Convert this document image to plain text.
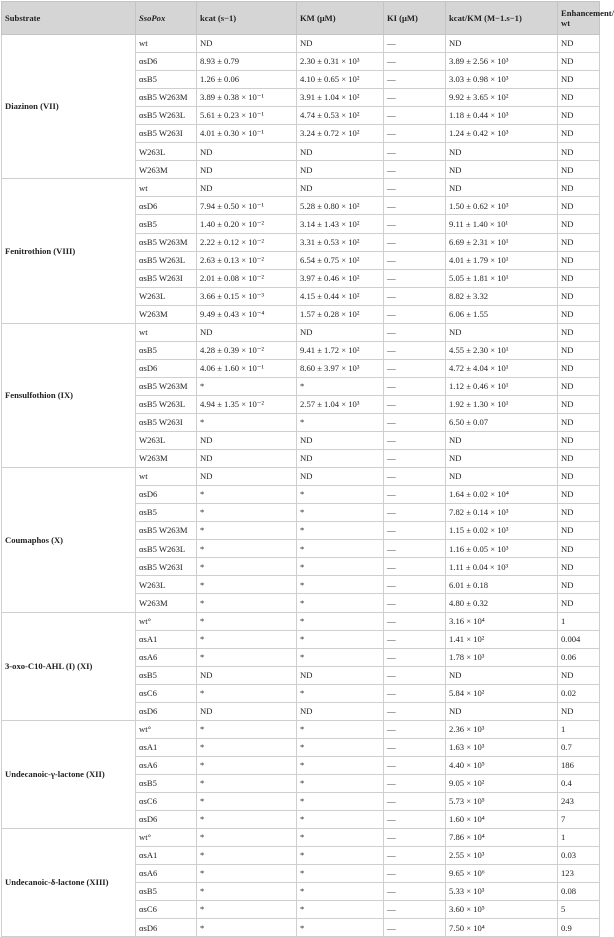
Substrate	SsoPox	kcat (s−1)	KM (μM)	KI (μM)	kcat/KM (M−1.s−1)	Enhancement/ wt
Diazinon (VII)	wt	ND	ND	—	ND	ND
	αsD6	8.93 ± 0.79	2.30 ± 0.31 × 10³	—	3.89 ± 2.56 × 10³	ND
	αsB5	1.26 ± 0.06	4.10 ± 0.65 × 10²	—	3.03 ± 0.98 × 10³	ND
	αsB5 W263M	3.89 ± 0.38 × 10⁻¹	3.91 ± 1.04 × 10²	—	9.92 ± 3.65 × 10²	ND
	αsB5 W263L	5.61 ± 0.23 × 10⁻¹	4.74 ± 0.53 × 10²	—	1.18 ± 0.44 × 10³	ND
	αsB5 W263I	4.01 ± 0.30 × 10⁻¹	3.24 ± 0.72 × 10²	—	1.24 ± 0.42 × 10³	ND
	W263L	ND	ND	—	ND	ND
	W263M	ND	ND	—	ND	ND
Fenitrothion (VIII)	wt	ND	ND	—	ND	ND
	αsD6	7.94 ± 0.50 × 10⁻¹	5.28 ± 0.80 × 10²	—	1.50 ± 0.62 × 10³	ND
	αsB5	1.40 ± 0.20 × 10⁻²	3.14 ± 1.43 × 10²	—	9.11 ± 1.40 × 10¹	ND
	αsB5 W263M	2.22 ± 0.12 × 10⁻²	3.31 ± 0.53 × 10²	—	6.69 ± 2.31 × 10¹	ND
	αsB5 W263L	2.63 ± 0.13 × 10⁻²	6.54 ± 0.75 × 10²	—	4.01 ± 1.79 × 10¹	ND
	αsB5 W263I	2.01 ± 0.08 × 10⁻²	3.97 ± 0.46 × 10²	—	5.05 ± 1.81 × 10¹	ND
	W263L	3.66 ± 0.15 × 10⁻³	4.15 ± 0.44 × 10²	—	8.82 ± 3.32	ND
	W263M	9.49 ± 0.43 × 10⁻⁴	1.57 ± 0.28 × 10²	—	6.06 ± 1.55	ND
Fensulfothion (IX)	wt	ND	ND	—	ND	ND
	αsB5	4.28 ± 0.39 × 10⁻²	9.41 ± 1.72 × 10²	—	4.55 ± 2.30 × 10¹	ND
	αsD6	4.06 ± 1.60 × 10⁻¹	8.60 ± 3.97 × 10³	—	4.72 ± 4.04 × 10¹	ND
	αsB5 W263M	*	*	—	1.12 ± 0.46 × 10¹	ND
	αsB5 W263L	4.94 ± 1.35 × 10⁻²	2.57 ± 1.04 × 10³	—	1.92 ± 1.30 × 10¹	ND
	αsB5 W263I	*	*	—	6.50 ± 0.07	ND
	W263L	ND	ND	—	ND	ND
	W263M	ND	ND	—	ND	ND
Coumaphos (X)	wt	ND	ND	—	ND	ND
	αsD6	*	*	—	1.64 ± 0.02 × 10⁴	ND
	αsB5	*	*	—	7.82 ± 0.14 × 10³	ND
	αsB5 W263M	*	*	—	1.15 ± 0.02 × 10³	ND
	αsB5 W263L	*	*	—	1.16 ± 0.05 × 10³	ND
	αsB5 W263I	*	*	—	1.11 ± 0.04 × 10³	ND
	W263L	*	*	—	6.01 ± 0.18	ND
	W263M	*	*	—	4.80 ± 0.32	ND
3-oxo-C10-AHL (I) (XI)	wt°	*	*	—	3.16 × 10⁴	1
	αsA1	*	*	—	1.41 × 10²	0.004
	αsA6	*	*	—	1.78 × 10³	0.06
	αsB5	ND	ND	—	ND	ND
	αsC6	*	*	—	5.84 × 10²	0.02
	αsD6	ND	ND	—	ND	ND
Undecanoic-γ-lactone (XII)	wt°	*	*	—	2.36 × 10³	1
	αsA1	*	*	—	1.63 × 10³	0.7
	αsA6	*	*	—	4.40 × 10⁵	186
	αsB5	*	*	—	9.05 × 10²	0.4
	αsC6	*	*	—	5.73 × 10⁵	243
	αsD6	*	*	—	1.60 × 10⁴	7
Undecanoic-δ-lactone (XIII)	wt°	*	*	—	7.86 × 10⁴	1
	αsA1	*	*	—	2.55 × 10³	0.03
	αsA6	*	*	—	9.65 × 10⁶	123
	αsB5	*	*	—	5.33 × 10³	0.08
	αsC6	*	*	—	3.60 × 10⁵	5
	αsD6	*	*	—	7.50 × 10⁴	0.9
